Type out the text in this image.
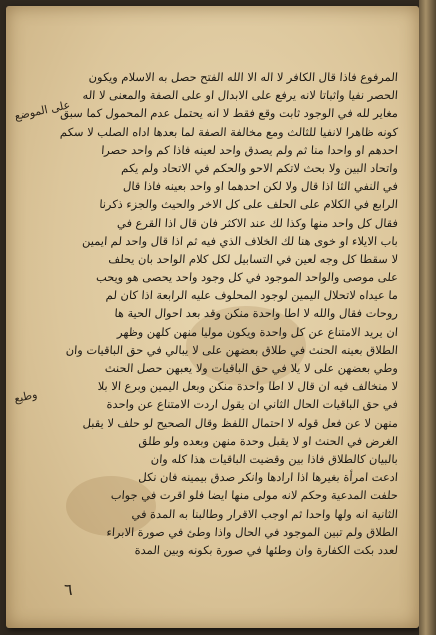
المرفوع فاذا قال الكافر لا اله الا الله الفتح حصل به الاسلام ويكون
الحصر نفيا واثباتا لانه يرفع على الابدال او على الصفة والمعنى لا اله
مغاير لله في الوجود ثابت وقع فقط لا انه يحتمل عدم المحمول كما سبق
كونه ظاهرا لانفيا للثالث ومع مخالفة الصفة لما بعدها اداه الصلب لا سكم
احدهم او واحدا منا ثم ولم يصدق واحد لعينه فاذا كم واحد حصرا
واتحاد البين ولا بحث لاتكم الاحو والحكم في الاتحاد ولم يكم
في النفي الثا اذا قال ولا لكن احدهما او واحد بعينه فاذا قال
الرابع في الكلام على الحلف على كل الاخر والحيث والجزء ذكرنا
فقال كل واحد منها وكذا لك عند الاكثر فان قال اذا القرع في
باب الايلاء او خوى هنا لك الخلاف الذي فيه ثم اذا قال واحد لم ايمين
لا سقطا كل وجه لعين في التسابيل لكل كلام الواحد بان يحلف
على موصى والواحد الموجود في كل وجود واحد يحصى هو ويحب
ما عيداه لاتحلال اليمين لوجود المحلوف عليه الرابعة اذا كان لم
روحات فقال والله لا اطا واحدة منكن وقد بعد احوال الحية ها
ان يريد الامتناع عن كل واحدة ويكون موليا منهن كلهن وظهر
الطلاق بعينه الحنث في طلاق بعضهن على لا يبالي في حق الباقيات وان
وطي بعضهن على لا يلا في حق الباقيات ولا يعبهن حصل الحنث
لا منخالف فيه ان قال لا اطا واحدة منكن وبعل اليمين وبرع الا بلا
في حق الباقيات الحال الثاني ان يقول اردت الامتناع عن واحدة
منهن لا عن فعل قوله لا احتمال اللفظ وقال الصحيح لو حلف لا يقبل
الغرض في الحنث او لا يقبل وحدة منهن وبعده ولو طلق
بالبيان كالطلاق فاذا بين وقضيت الباقيات هذا كله وان
ادعت امرأة بغيرها اذا ارادها وانكر صدق بيمينه فان نكل
حلفت المدعية وحكم لانه مولى منها ايضا فلو اقرت في جواب
الثانية انه ولها واحدا ثم اوجب الاقرار وطالبنا به المدة في
الطلاق ولم تبين الموجود في الحال واذا وطئ في صورة الابراء
لعدد بكت الكفارة وان وطئها في صورة بكونه وبين المدة
على الموضع
وطبع
٦
